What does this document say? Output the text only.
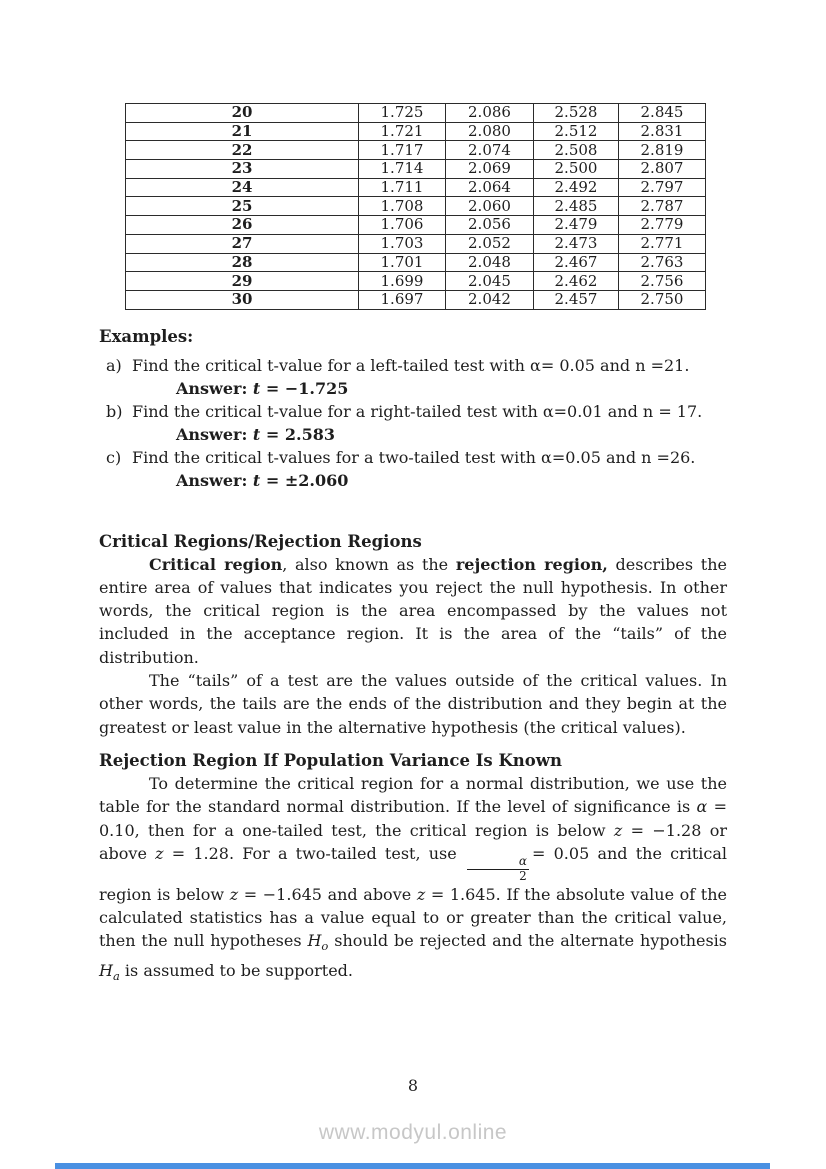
20	1.725	2.086	2.528	2.845
21	1.721	2.080	2.512	2.831
22	1.717	2.074	2.508	2.819
23	1.714	2.069	2.500	2.807
24	1.711	2.064	2.492	2.797
25	1.708	2.060	2.485	2.787
26	1.706	2.056	2.479	2.779
27	1.703	2.052	2.473	2.771
28	1.701	2.048	2.467	2.763
29	1.699	2.045	2.462	2.756
30	1.697	2.042	2.457	2.750
Examples:
a) Find the critical t-value for a left-tailed test with α= 0.05 and n =21.
Answer: t = −1.725
b) Find the critical t-value for a right-tailed test with α=0.01 and n = 17.
Answer: t = 2.583
c) Find the critical t-values for a two-tailed test with α=0.05 and n =26.
Answer: t = ±2.060
Critical Regions/Rejection Regions

Critical region, also known as the rejection region, describes the entire area of values that indicates you reject the null hypothesis. In other words, the critical region is the area encompassed by the values not included in the acceptance region. It is the area of the “tails” of the distribution.

The “tails” of a test are the values outside of the critical values. In other words, the tails are the ends of the distribution and they begin at the greatest or least value in the alternative hypothesis (the critical values).

Rejection Region If Population Variance Is Known

To determine the critical region for a normal distribution, we use the table for the standard normal distribution. If the level of significance is α = 0.10, then for a one-tailed test, the critical region is below z = −1.28 or above z = 1.28. For a two-tailed test, use
$\frac{\alpha}{2}$
= 0.05 and the critical region is below z = −1.645 and above z = 1.645. If the absolute value of the calculated statistics has a value equal to or greater than the critical value, then the null hypotheses $H_o$ should be rejected and the alternate hypothesis $H_a$ is assumed to be supported.

8
www.modyul.online
